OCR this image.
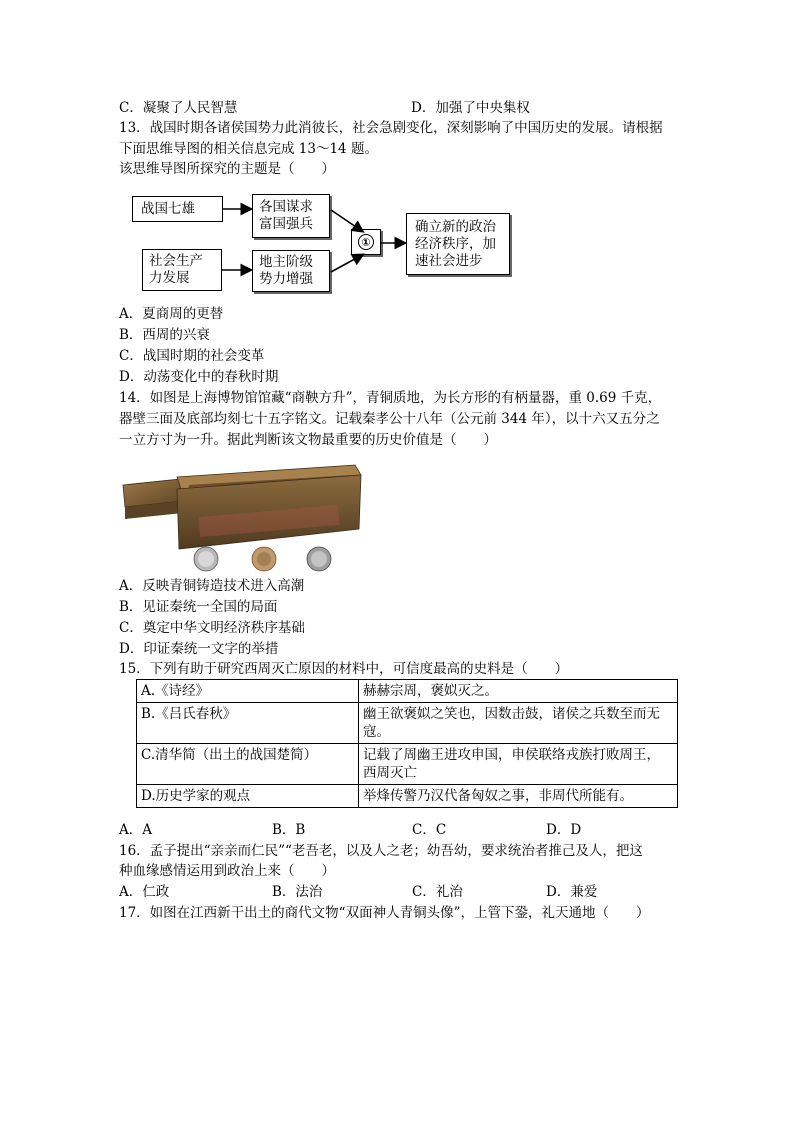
C．凝聚了人民智慧	D．加强了中央集权
13．战国时期各诸侯国势力此消彼长，社会急剧变化，深刻影响了中国历史的发展。请根据
下面思维导图的相关信息完成 13～14 题。
该思维导图所探究的主题是（　　）
战国七雄	各国谋求
富国强兵
社会生产
力发展
地主阶级
势力增强
①
确立新的政治
经济秩序，加
速社会进步
A．夏商周的更替
B．西周的兴衰
C．战国时期的社会变革
D．动荡变化中的春秋时期
14．如图是上海博物馆馆藏“商鞅方升”，青铜质地，为长方形的有柄量器，重 0.69 千克，
器壁三面及底部均刻七十五字铭文。记载秦孝公十八年（公元前 344 年），以十六又五分之
一立方寸为一升。据此判断该文物最重要的历史价值是（　　）
A．反映青铜铸造技术进入高潮
B．见证秦统一全国的局面
C．奠定中华文明经济秩序基础
D．印证秦统一文字的举措
15．下列有助于研究西周灭亡原因的材料中，可信度最高的史料是（　　）
A.《诗经》	赫赫宗周，褒姒灭之。
B.《吕氏春秋》	幽王欲褒姒之笑也，因数击鼓，诸侯之兵数至而无寇。
C.清华简（出土的战国楚简）	记载了周幽王进攻申国，申侯联络戎族打败周王，西周灭亡
D.历史学家的观点	举烽传警乃汉代备匈奴之事，非周代所能有。
A．A	B．B	C．C	D．D
16．孟子提出“亲亲而仁民”“老吾老，以及人之老；幼吾幼，要求统治者推己及人，把这
种血缘感情运用到政治上来（　　）
A．仁政	B．法治	C．礼治	D．兼爱
17．如图在江西新干出土的商代文物“双面神人青铜头像”，上管下銎，礼天通地（　　）
